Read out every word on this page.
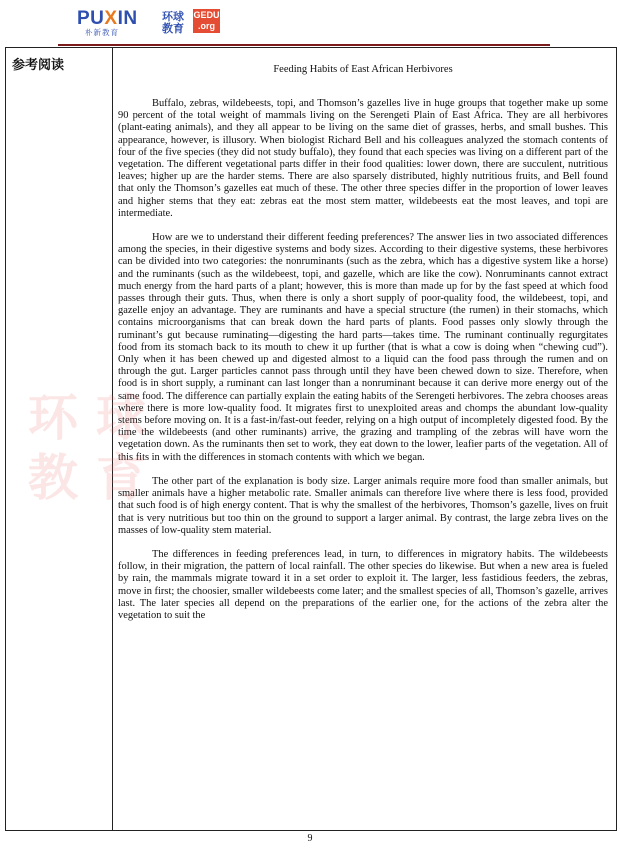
PUXIN
朴新教育
环球
教育
GEDU
.org
参考阅读	Feeding Habits of East African Herbivores

Buffalo, zebras, wildebeests, topi, and Thomson’s gazelles live in huge groups that together make up some 90 percent of the total weight of mammals living on the Serengeti Plain of East Africa. They are all herbivores (plant-eating animals), and they all appear to be living on the same diet of grasses, herbs, and small bushes. This appearance, however, is illusory. When biologist Richard Bell and his colleagues analyzed the stomach contents of four of the five species (they did not study buffalo), they found that each species was living on a different part of the vegetation. The different vegetational parts differ in their food qualities: lower down, there are succulent, nutritious leaves; higher up are the harder stems. There are also sparsely distributed, highly nutritious fruits, and Bell found that only the Thomson’s gazelles eat much of these. The other three species differ in the proportion of lower leaves and higher stems that they eat: zebras eat the most stem matter, wildebeests eat the most leaves, and topi are intermediate.

How are we to understand their different feeding preferences? The answer lies in two associated differences among the species, in their digestive systems and body sizes. According to their digestive systems, these herbivores can be divided into two categories: the nonruminants (such as the zebra, which has a digestive system like a horse) and the ruminants (such as the wildebeest, topi, and gazelle, which are like the cow). Nonruminants cannot extract much energy from the hard parts of a plant; however, this is more than made up for by the fast speed at which food passes through their guts. Thus, when there is only a short supply of poor-quality food, the wildebeest, topi, and gazelle enjoy an advantage. They are ruminants and have a special structure (the rumen) in their stomachs, which contains microorganisms that can break down the hard parts of plants. Food passes only slowly through the ruminant’s gut because ruminating—digesting the hard parts—takes time. The ruminant continually regurgitates food from its stomach back to its mouth to chew it up further (that is what a cow is doing when “chewing cud”). Only when it has been chewed up and digested almost to a liquid can the food pass through the rumen and on through the gut. Larger particles cannot pass through until they have been chewed down to size. Therefore, when food is in short supply, a ruminant can last longer than a nonruminant because it can derive more energy out of the same food. The difference can partially explain the eating habits of the Serengeti herbivores. The zebra chooses areas where there is more low-quality food. It migrates first to unexploited areas and chomps the abundant low-quality stems before moving on. It is a fast-in/fast-out feeder, relying on a high output of incompletely digested food. By the time the wildebeests (and other ruminants) arrive, the grazing and trampling of the zebras will have worn the vegetation down. As the ruminants then set to work, they eat down to the lower, leafier parts of the vegetation. All of this fits in with the differences in stomach contents with which we began.

The other part of the explanation is body size. Larger animals require more food than smaller animals, but smaller animals have a higher metabolic rate. Smaller animals can therefore live where there is less food, provided that such food is of high energy content. That is why the smallest of the herbivores, Thomson’s gazelle, lives on fruit that is very nutritious but too thin on the ground to support a larger animal. By contrast, the large zebra lives on the masses of low-quality stem material.

The differences in feeding preferences lead, in turn, to differences in migratory habits. The wildebeests follow, in their migration, the pattern of local rainfall. The other species do likewise. But when a new area is fueled by rain, the mammals migrate toward it in a set order to exploit it. The larger, less fastidious feeders, the zebras, move in first; the choosier, smaller wildebeests come later; and the smallest species of all, Thomson’s gazelle, arrives last. The later species all depend on the preparations of the earlier one, for the actions of the zebra alter the vegetation to suit the

环球
教育
9
